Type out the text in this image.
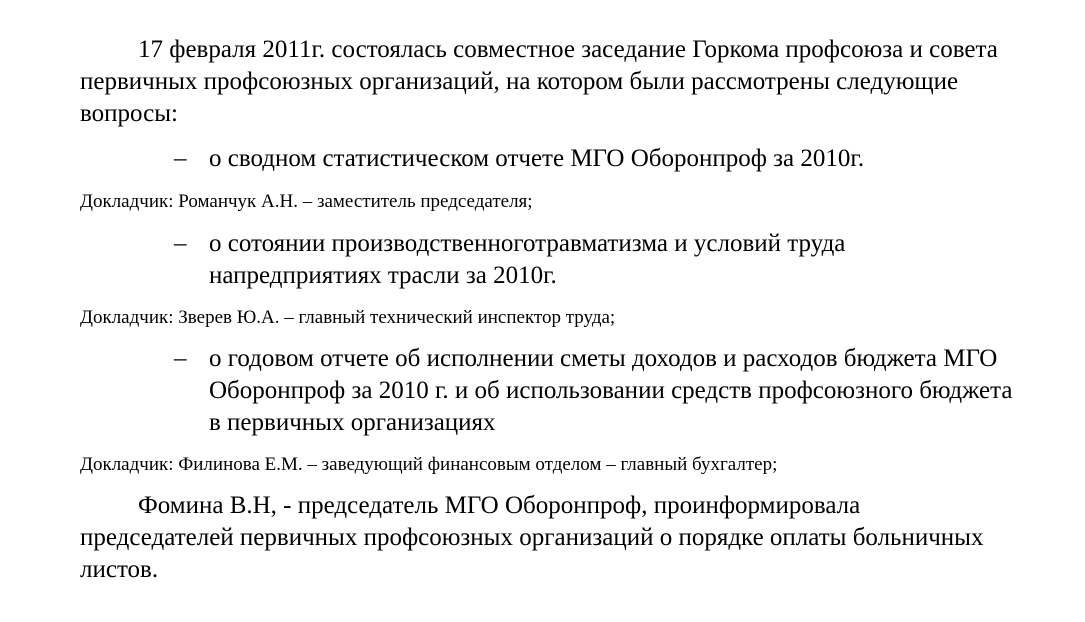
17 февраля 2011г. состоялась совместное заседание Горкома профсоюза и совета первичных профсоюзных организаций, на котором были рассмотрены следующие вопросы:

– о сводном статистическом отчете МГО Оборонпроф за 2010г.
Докладчик: Романчук А.Н. – заместитель председателя;
– о сотоянии производственноготравматизма и условий труда напредприятиях трасли за 2010г.
Докладчик: Зверев Ю.А. – главный технический инспектор труда;
– о годовом отчете об исполнении сметы доходов и расходов бюджета МГО Оборонпроф за 2010 г. и об использовании средств профсоюзного бюджета в первичных организациях
Докладчик: Филинова Е.М. – заведующий финансовым отделом – главный бухгалтер;

Фомина В.Н, - председатель МГО Оборонпроф, проинформировала председателей первичных профсоюзных организаций о порядке оплаты больничных листов.
